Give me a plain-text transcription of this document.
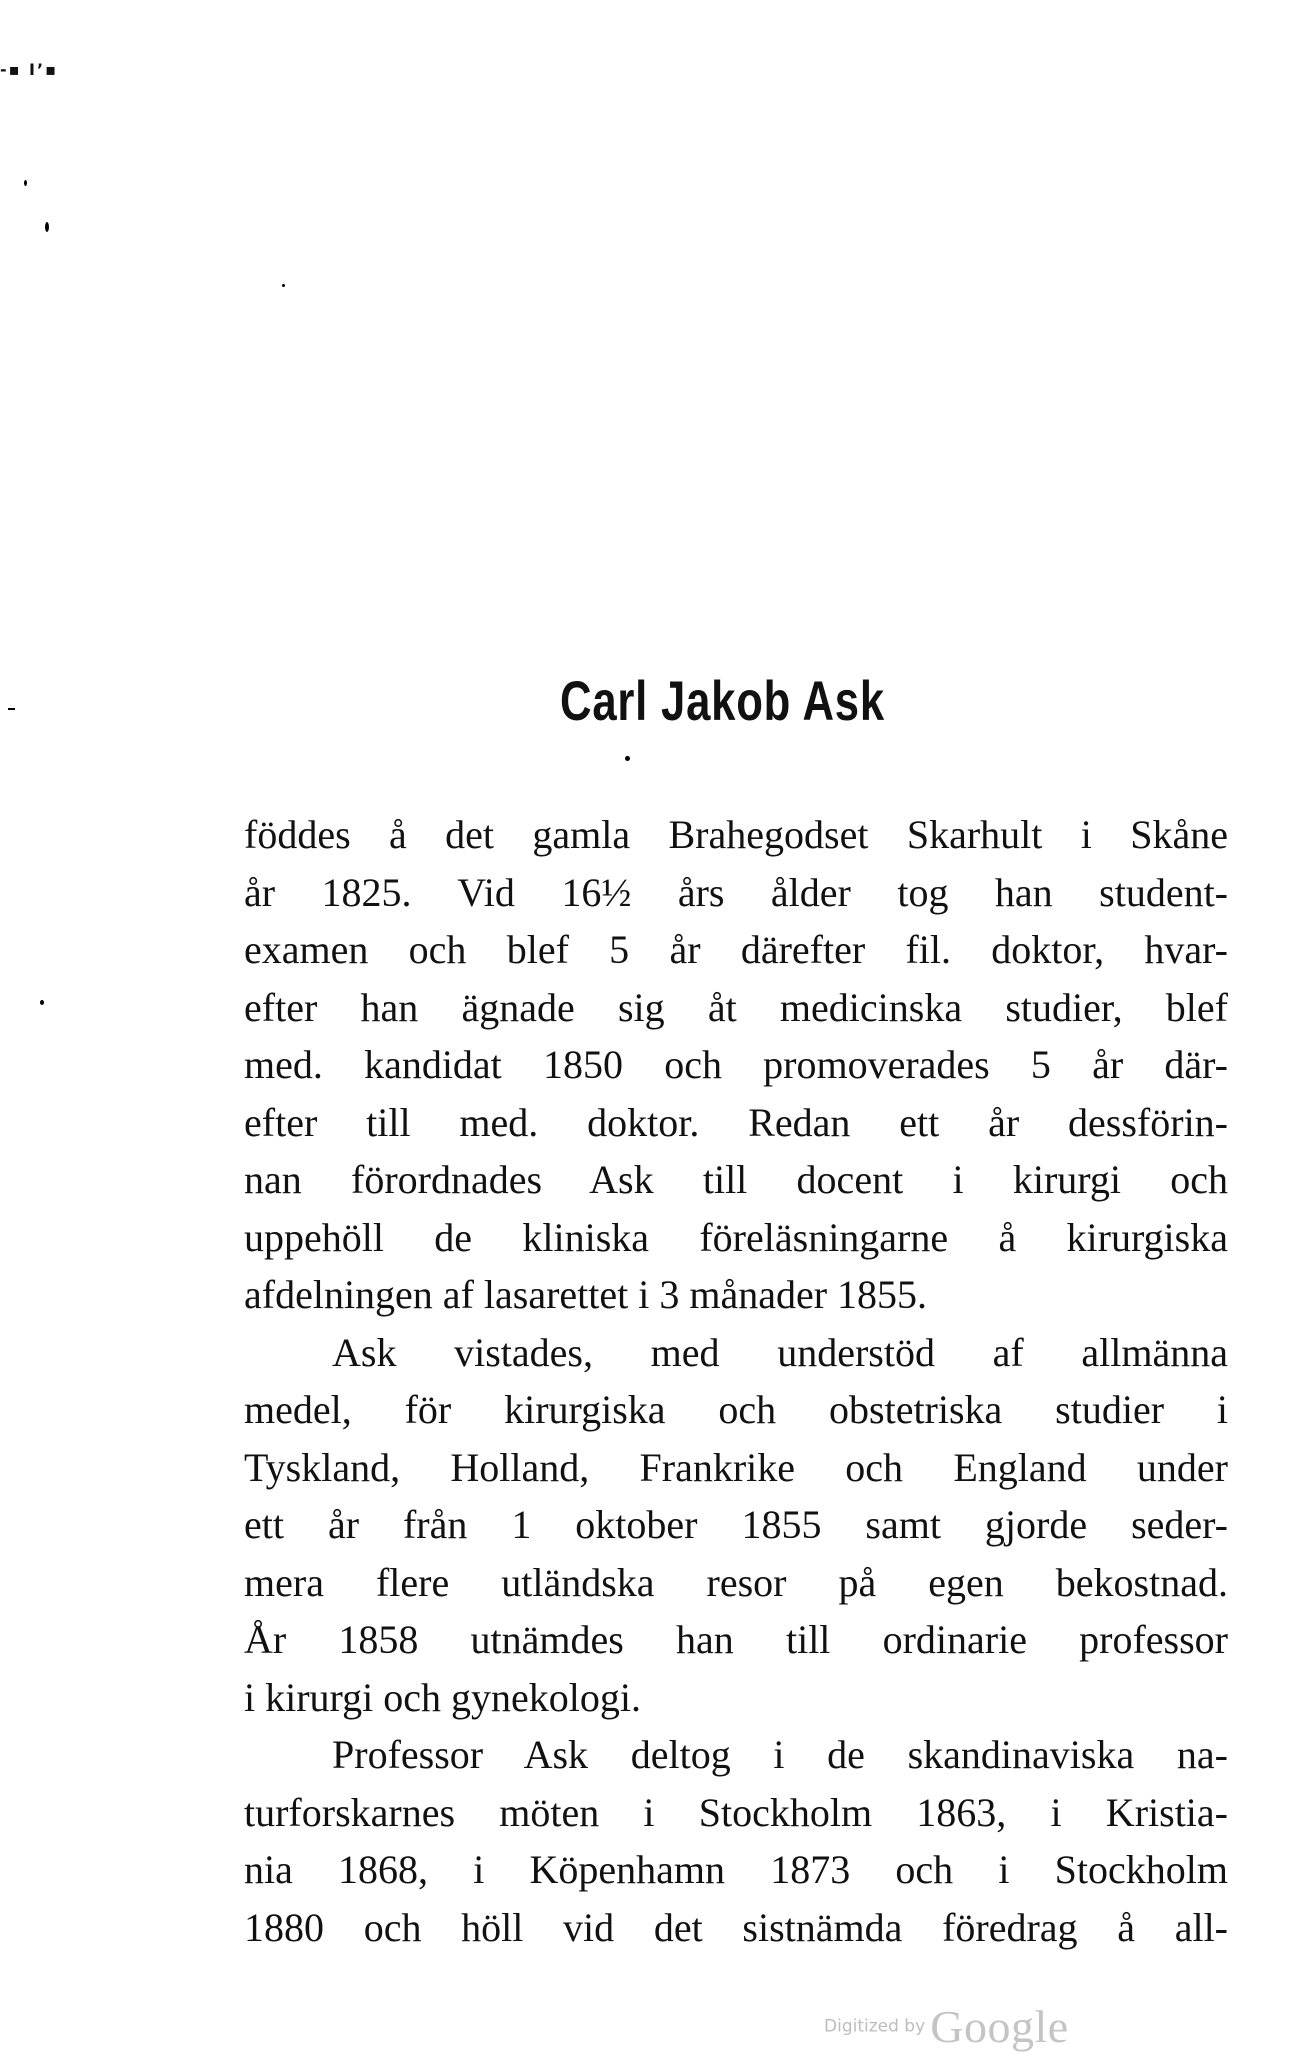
-▪ I’▪
Carl Jakob Ask
föddes å det gamla Brahegodset Skarhult i Skåne
år 1825. Vid 16½ års ålder tog han student-
examen och blef 5 år därefter fil. doktor, hvar-
efter han ägnade sig åt medicinska studier, blef
med. kandidat 1850 och promoverades 5 år där-
efter till med. doktor. Redan ett år dessförin-
nan förordnades Ask till docent i kirurgi och
uppehöll de kliniska föreläsningarne å kirurgiska
afdelningen af lasarettet i 3 månader 1855.
Ask vistades, med understöd af allmänna
medel, för kirurgiska och obstetriska studier i
Tyskland, Holland, Frankrike och England under
ett år från 1 oktober 1855 samt gjorde seder-
mera flere utländska resor på egen bekostnad.
År 1858 utnämdes han till ordinarie professor
i kirurgi och gynekologi.
Professor Ask deltog i de skandinaviska na-
turforskarnes möten i Stockholm 1863, i Kristia-
nia 1868, i Köpenhamn 1873 och i Stockholm
1880 och höll vid det sistnämda föredrag å all-
Digitized by Google
